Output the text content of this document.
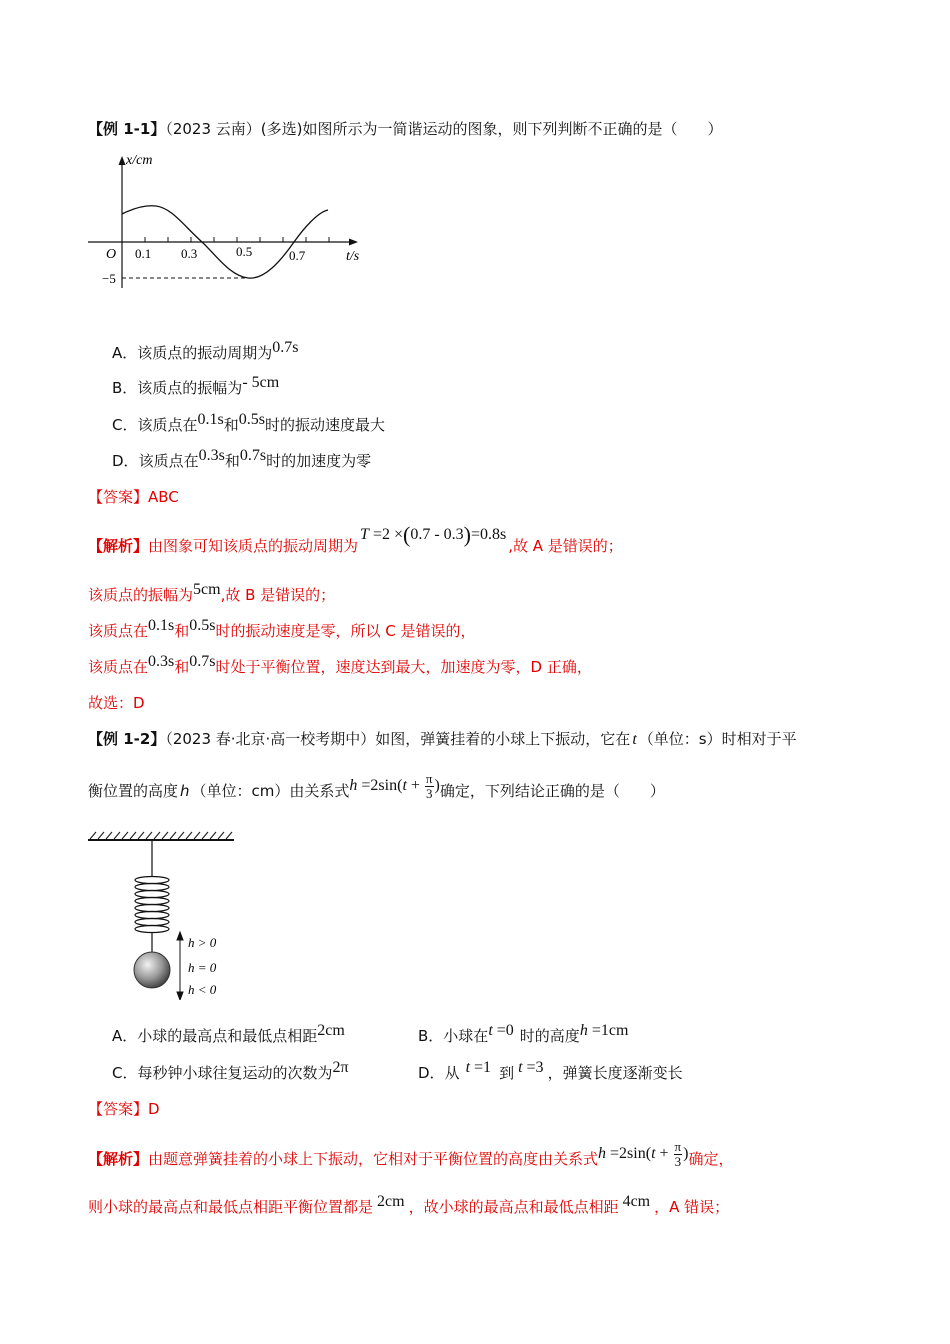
【例 1-1】（2023 云南）(多选)如图所示为一简谐运动的图象，则下列判断不正确的是（　　）
x/cm
t/s
O 0.1 0.3	0.5	0.7
−5
A．该质点的振动周期为0.7s
B．该质点的振幅为- 5cm
C．该质点在0.1s和0.5s时的振动速度最大
D．该质点在0.3s和0.7s时的加速度为零
【答案】ABC
【解析】由图象可知该质点的振动周期为T =2 ×(0.7 - 0.3)=0.8s,故 A 是错误的；
该质点的振幅为5cm,故 B 是错误的；
该质点在0.1s和0.5s时的振动速度是零，所以 C 是错误的，
该质点在0.3s和0.7s时处于平衡位置，速度达到最大，加速度为零，D 正确，
故选：D
【例 1-2】（2023 春·北京·高一校考期中）如图，弹簧挂着的小球上下振动，它在 t （单位：s）时相对于平
衡位置的高度 h （单位：cm）由关系式$h =2\sin(t + \frac{\pi}{3}$ )确定，下列结论正确的是（　　）
h > 0
h = 0
h < 0
A．小球的最高点和最低点相距2cm	B．小球在t =0 时的高度h =1cm
C．每秒钟小球往复运动的次数为2π	D．从 t =1 到 t =3 ，弹簧长度逐渐变长
【答案】D
【解析】由题意弹簧挂着的小球上下振动，它相对于平衡位置的高度由关系式$h =2\sin(t + \frac{\pi}{3}$ )确定，
则小球的最高点和最低点相距平衡位置都是 2cm ，故小球的最高点和最低点相距 4cm ，A 错误；
